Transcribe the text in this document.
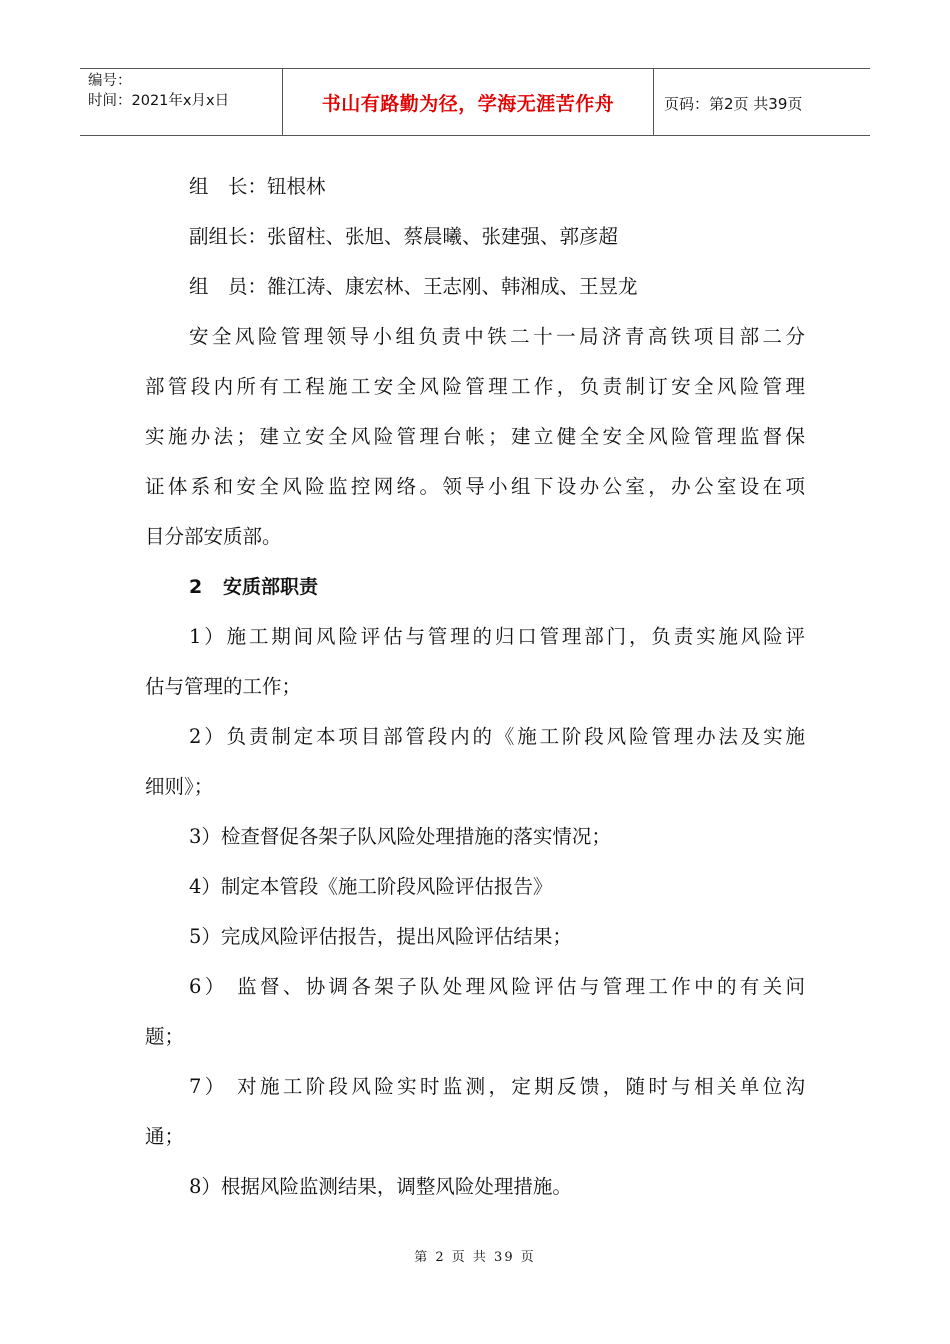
编号：
时间：2021年x月x日	书山有路勤为径，学海无涯苦作舟	页码：第2页 共39页
组　长：钮根林
副组长：张留柱、张旭、蔡晨曦、张建强、郭彦超
组　员：雒江涛、康宏林、王志刚、韩湘成、王昱龙
安全风险管理领导小组负责中铁二十一局济青高铁项目部二分
部管段内所有工程施工安全风险管理工作，负责制订安全风险管理
实施办法；建立安全风险管理台帐；建立健全安全风险管理监督保
证体系和安全风险监控网络。领导小组下设办公室，办公室设在项
目分部安质部。
2 安质部职责
1）施工期间风险评估与管理的归口管理部门，负责实施风险评
估与管理的工作；
2）负责制定本项目部管段内的《施工阶段风险管理办法及实施
细则》；
3）检查督促各架子队风险处理措施的落实情况；
4）制定本管段《施工阶段风险评估报告》
5）完成风险评估报告，提出风险评估结果；
6） 监督、协调各架子队处理风险评估与管理工作中的有关问
题；
7） 对施工阶段风险实时监测，定期反馈，随时与相关单位沟
通；
8）根据风险监测结果，调整风险处理措施。
第 2 页 共 39 页
